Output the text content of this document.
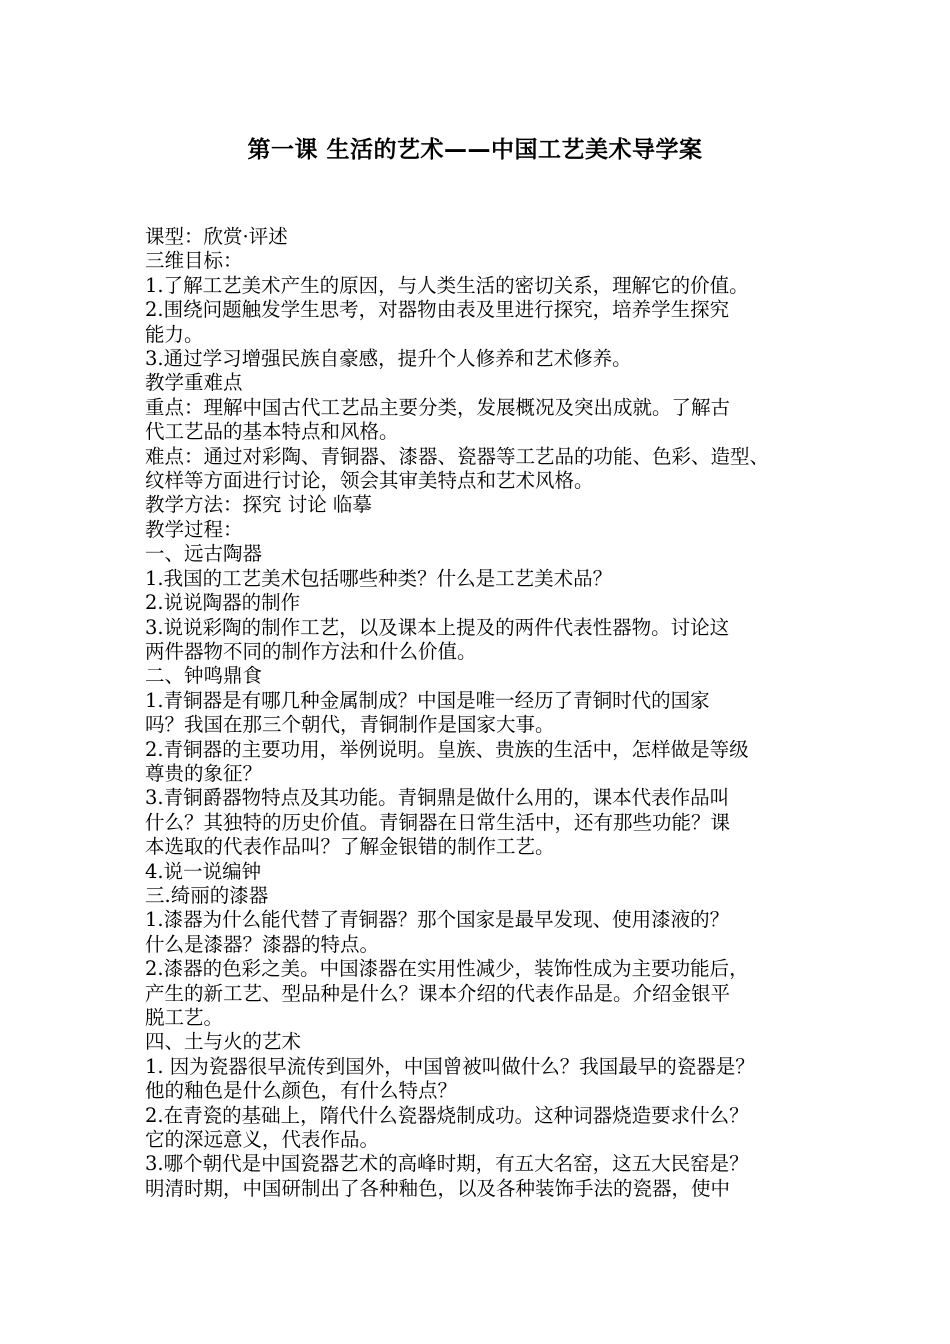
第一课 生活的艺术——中国工艺美术导学案
课型：欣赏·评述
三维目标：
1.了解工艺美术产生的原因，与人类生活的密切关系，理解它的价值。
2.围绕问题触发学生思考，对器物由表及里进行探究，培养学生探究
能力。
3.通过学习增强民族自豪感，提升个人修养和艺术修养。
教学重难点
重点：理解中国古代工艺品主要分类，发展概况及突出成就。了解古
代工艺品的基本特点和风格。
难点：通过对彩陶、青铜器、漆器、瓷器等工艺品的功能、色彩、造型、
纹样等方面进行讨论，领会其审美特点和艺术风格。
教学方法：探究 讨论 临摹
教学过程：
一、远古陶器
1.我国的工艺美术包括哪些种类？什么是工艺美术品？
2.说说陶器的制作
3.说说彩陶的制作工艺，以及课本上提及的两件代表性器物。讨论这
两件器物不同的制作方法和什么价值。
二、钟鸣鼎食
1.青铜器是有哪几种金属制成？中国是唯一经历了青铜时代的国家
吗？我国在那三个朝代，青铜制作是国家大事。
2.青铜器的主要功用，举例说明。皇族、贵族的生活中，怎样做是等级
尊贵的象征？
3.青铜爵器物特点及其功能。青铜鼎是做什么用的，课本代表作品叫
什么？其独特的历史价值。青铜器在日常生活中，还有那些功能？课
本选取的代表作品叫？了解金银错的制作工艺。
4.说一说编钟
三.绮丽的漆器
1.漆器为什么能代替了青铜器？那个国家是最早发现、使用漆液的？
什么是漆器？漆器的特点。
2.漆器的色彩之美。中国漆器在实用性减少，装饰性成为主要功能后，
产生的新工艺、型品种是什么？课本介绍的代表作品是。介绍金银平
脱工艺。
四、土与火的艺术
1. 因为瓷器很早流传到国外，中国曾被叫做什么？我国最早的瓷器是？
他的釉色是什么颜色，有什么特点？
2.在青瓷的基础上，隋代什么瓷器烧制成功。这种词器烧造要求什么？
它的深远意义，代表作品。
3.哪个朝代是中国瓷器艺术的高峰时期，有五大名窑，这五大民窑是？
明清时期，中国研制出了各种釉色，以及各种装饰手法的瓷器，使中
